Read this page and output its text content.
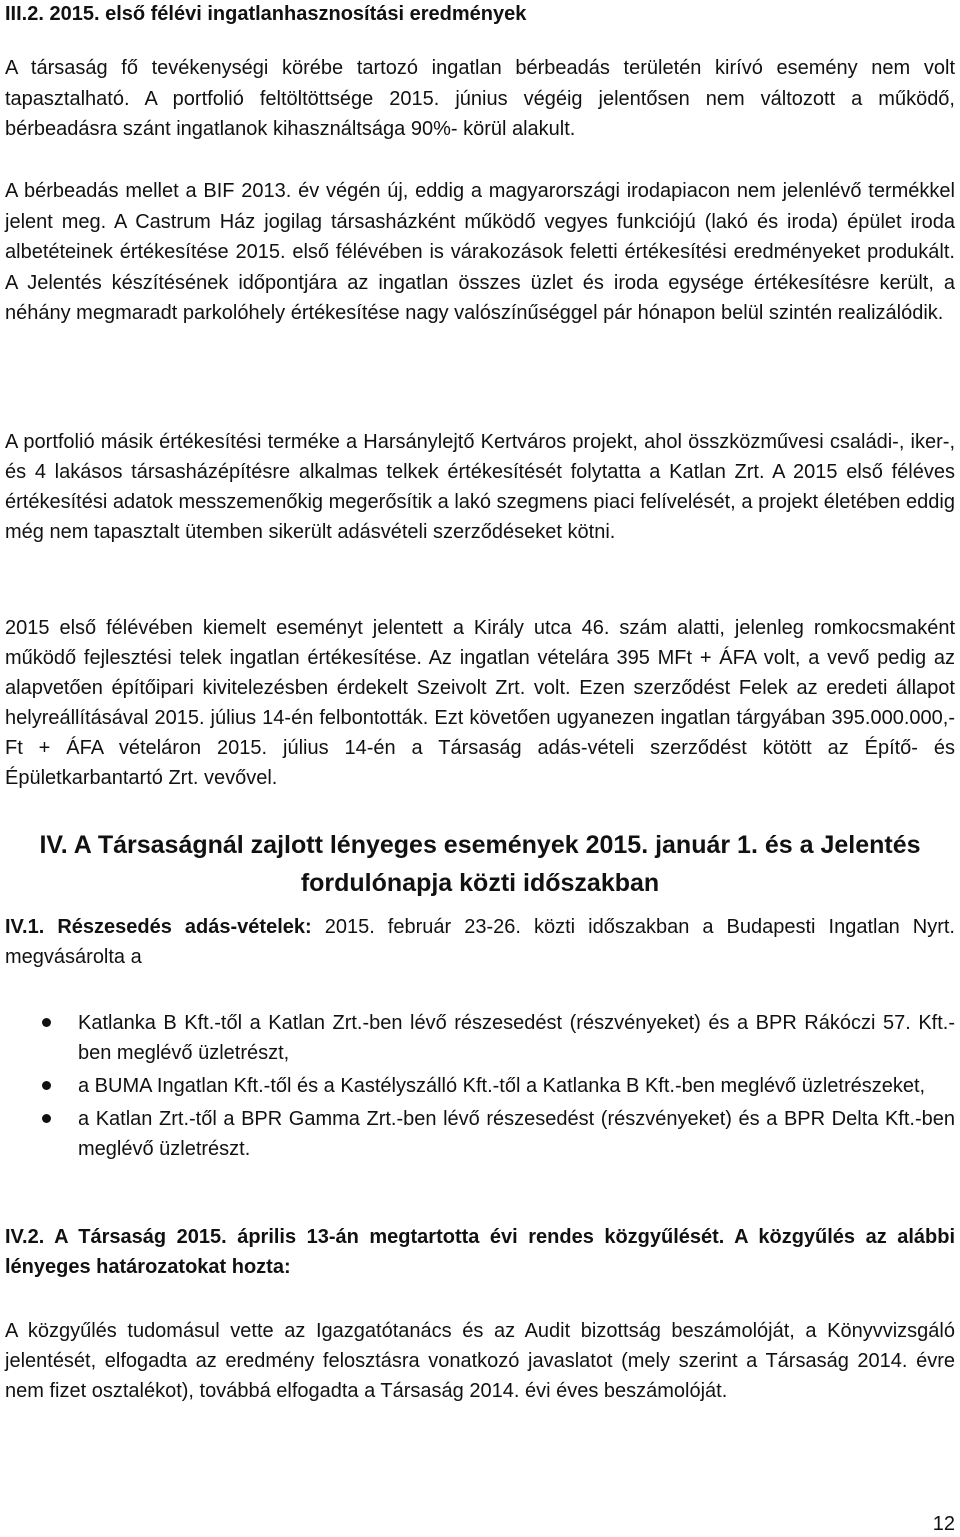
III.2. 2015. első félévi ingatlanhasznosítási eredmények

A társaság fő tevékenységi körébe tartozó ingatlan bérbeadás területén kirívó esemény nem volt tapasztalható. A portfolió feltöltöttsége 2015. június végéig jelentősen nem változott a működő, bérbeadásra szánt ingatlanok kihasználtsága 90%- körül alakult.

A bérbeadás mellet a BIF 2013. év végén új, eddig a magyarországi irodapiacon nem jelenlévő termékkel jelent meg. A Castrum Ház jogilag társasházként működő vegyes funkciójú (lakó és iroda) épület iroda albetéteinek értékesítése 2015. első félévében is várakozások feletti értékesítési eredményeket produkált. A Jelentés készítésének időpontjára az ingatlan összes üzlet és iroda egysége értékesítésre került, a néhány megmaradt parkolóhely értékesítése nagy valószínűséggel pár hónapon belül szintén realizálódik.

A portfolió másik értékesítési terméke a Harsánylejtő Kertváros projekt, ahol összközművesi családi-, iker-, és 4 lakásos társasházépítésre alkalmas telkek értékesítését folytatta a Katlan Zrt. A 2015 első féléves értékesítési adatok messzemenőkig megerősítik a lakó szegmens piaci felívelését, a projekt életében eddig még nem tapasztalt ütemben sikerült adásvételi szerződéseket kötni.

2015 első félévében kiemelt eseményt jelentett a Király utca 46. szám alatti, jelenleg romkocsmaként működő fejlesztési telek ingatlan értékesítése. Az ingatlan vételára 395 MFt + ÁFA volt, a vevő pedig az alapvetően építőipari kivitelezésben érdekelt Szeivolt Zrt. volt. Ezen szerződést Felek az eredeti állapot helyreállításával 2015. július 14-én felbontották. Ezt követően ugyanezen ingatlan tárgyában 395.000.000,-Ft + ÁFA vételáron 2015. július 14-én a Társaság adás-vételi szerződést kötött az Építő- és Épületkarbantartó Zrt. vevővel.

IV. A Társaságnál zajlott lényeges események 2015. január 1. és a Jelentés
fordulónapja közti időszakban

IV.1. Részesedés adás-vételek: 2015. február 23-26. közti időszakban a Budapesti Ingatlan Nyrt. megvásárolta a

Katlanka B Kft.-től a Katlan Zrt.-ben lévő részesedést (részvényeket) és a BPR Rákóczi 57. Kft.-ben meglévő üzletrészt,
a BUMA Ingatlan Kft.-től és a Kastélyszálló Kft.-től a Katlanka B Kft.-ben meglévő üzletrészeket,
a Katlan Zrt.-től a BPR Gamma Zrt.-ben lévő részesedést (részvényeket) és a BPR Delta Kft.-ben meglévő üzletrészt.

IV.2. A Társaság 2015. április 13-án megtartotta évi rendes közgyűlését. A közgyűlés az alábbi lényeges határozatokat hozta:

A közgyűlés tudomásul vette az Igazgatótanács és az Audit bizottság beszámolóját, a Könyvvizsgáló jelentését, elfogadta az eredmény felosztásra vonatkozó javaslatot (mely szerint a Társaság 2014. évre nem fizet osztalékot), továbbá elfogadta a Társaság 2014. évi éves beszámolóját.

12
